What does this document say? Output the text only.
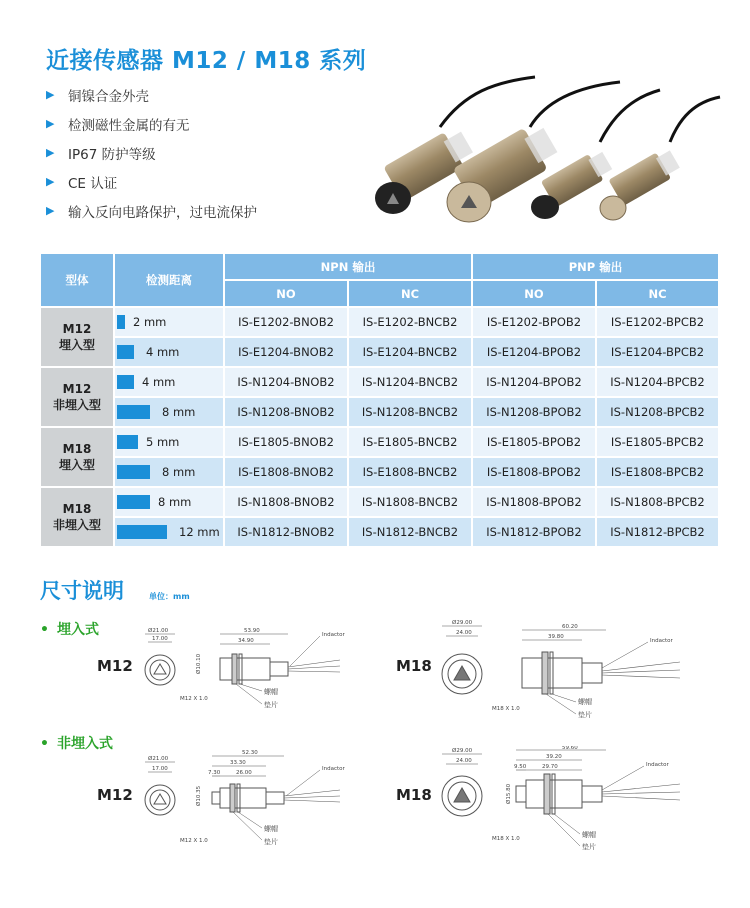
近接传感器 M12 / M18 系列
▶	铜镍合金外壳
▶	检测磁性金属的有无
▶	IP67 防护等级
▶	CE 认证
▶	输入反向电路保护，过电流保护
型体	检测距离	NPN 输出		PNP 输出	
		NO	NC	NO	NC

M12
埋入型	2 mm	IS-E1202-BNOB2	IS-E1202-BNCB2	IS-E1202-BPOB2	IS-E1202-BPCB2

	4 mm	IS-E1204-BNOB2	IS-E1204-BNCB2	IS-E1204-BPOB2	IS-E1204-BPCB2

M12
非埋入型	4 mm	IS-N1204-BNOB2	IS-N1204-BNCB2	IS-N1204-BPOB2	IS-N1204-BPCB2

	8 mm	IS-N1208-BNOB2	IS-N1208-BNCB2	IS-N1208-BPOB2	IS-N1208-BPCB2

M18
埋入型	5 mm	IS-E1805-BNOB2	IS-E1805-BNCB2	IS-E1805-BPOB2	IS-E1805-BPCB2

	8 mm	IS-E1808-BNOB2	IS-E1808-BNCB2	IS-E1808-BPOB2	IS-E1808-BPCB2

M18
非埋入型	8 mm	IS-N1808-BNOB2	IS-N1808-BNCB2	IS-N1808-BPOB2	IS-N1808-BPCB2

	12 mm	IS-N1812-BNOB2	IS-N1812-BNCB2	IS-N1812-BPOB2	IS-N1812-BPCB2
尺寸说明	单位：mm
• 埋入式
• 非埋入式
M12	M18
M12	M18
Ø21.00
17.00
53.90
34.90
Ø10.10
M12 X 1.0
Indactor
螺帽
垫片
Ø29.00
24.00
60.20
39.80
M18 X 1.0
Indactor
螺帽
垫片
Ø21.00
17.00
52.30
33.30
7.30	26.00
Ø10.35
M12 X 1.0
Indactor
螺帽
垫片
Ø29.00
24.00
59.60
39.20
9.50	29.70
Ø15.80
M18 X 1.0
Indactor
螺帽
垫片
